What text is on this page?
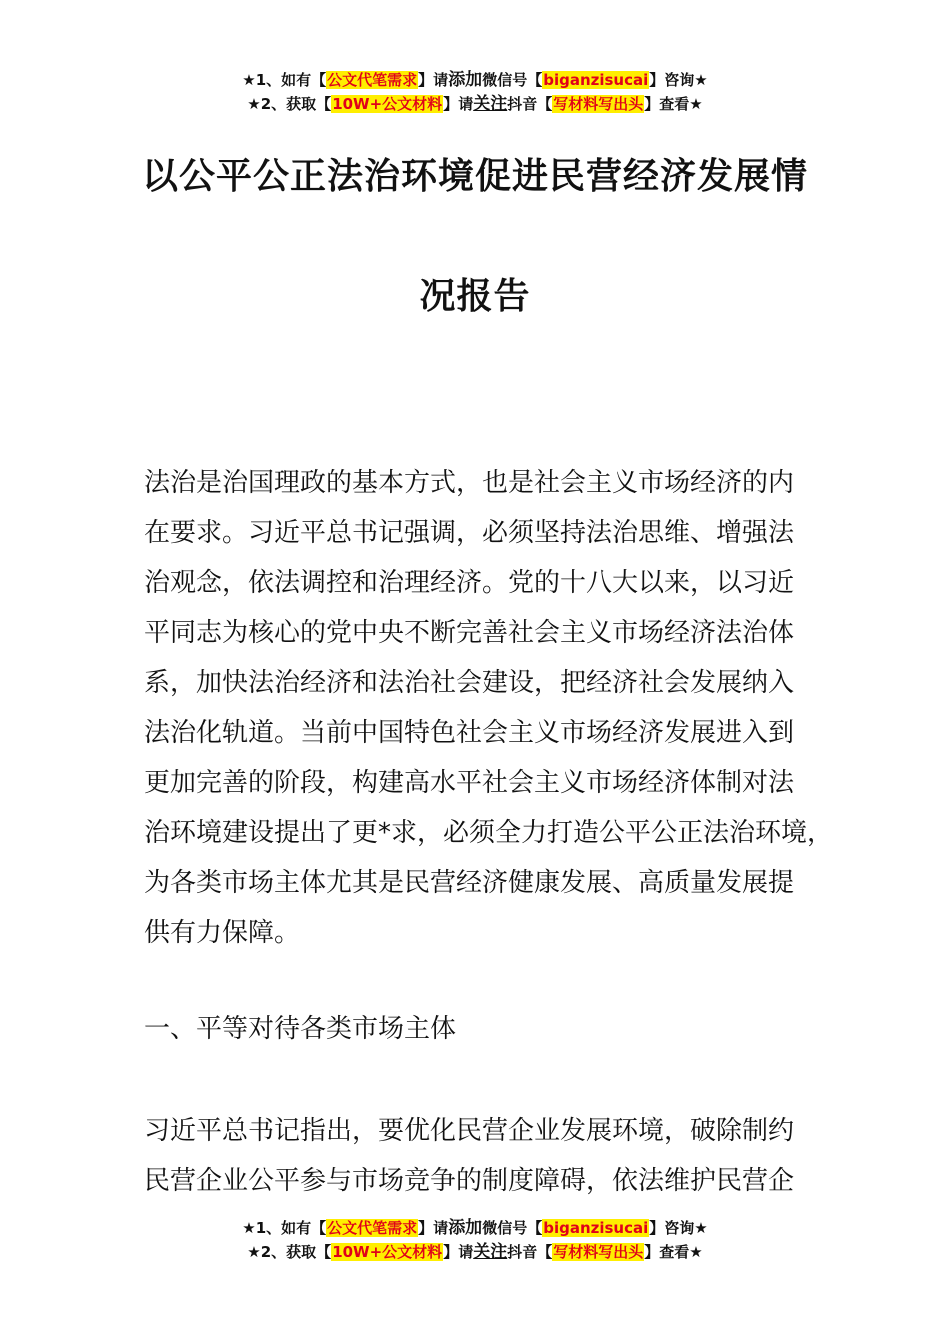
★1、如有【公文代笔需求】请添加微信号【biganzisucai】咨询★
★2、获取【10W+公文材料】请关注抖音【写材料写出头】查看★
以公平公正法治环境促进民营经济发展情
况报告
法治是治国理政的基本方式，也是社会主义市场经济的内
在要求。习近平总书记强调，必须坚持法治思维、增强法
治观念，依法调控和治理经济。党的十八大以来，以习近
平同志为核心的党中央不断完善社会主义市场经济法治体
系，加快法治经济和法治社会建设，把经济社会发展纳入
法治化轨道。当前中国特色社会主义市场经济发展进入到
更加完善的阶段，构建高水平社会主义市场经济体制对法
治环境建设提出了更*求，必须全力打造公平公正法治环境，
为各类市场主体尤其是民营经济健康发展、高质量发展提
供有力保障。
一、平等对待各类市场主体
习近平总书记指出，要优化民营企业发展环境，破除制约
民营企业公平参与市场竞争的制度障碍，依法维护民营企
★1、如有【公文代笔需求】请添加微信号【biganzisucai】咨询★
★2、获取【10W+公文材料】请关注抖音【写材料写出头】查看★
